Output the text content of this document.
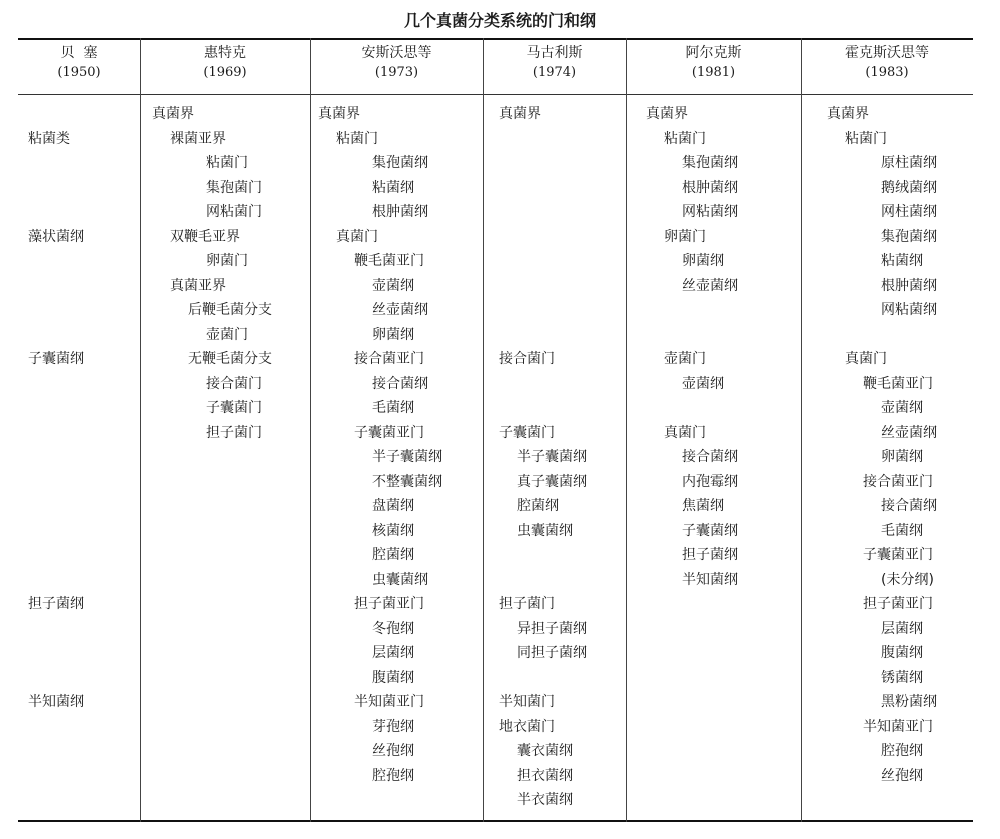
几个真菌分类系统的门和纲
贝  塞
(1950)
粘菌类
藻状菌纲
子囊菌纲
担子菌纲
半知菌纲
惠特克
(1969)
真菌界
裸菌亚界
粘菌门
集孢菌门
网粘菌门
双鞭毛亚界
卵菌门
真菌亚界
后鞭毛菌分支
壶菌门
无鞭毛菌分支
接合菌门
子囊菌门
担子菌门
安斯沃思等
(1973)
真菌界
粘菌门
集孢菌纲
粘菌纲
根肿菌纲
真菌门
鞭毛菌亚门
壶菌纲
丝壶菌纲
卵菌纲
接合菌亚门
接合菌纲
毛菌纲
子囊菌亚门
半子囊菌纲
不整囊菌纲
盘菌纲
核菌纲
腔菌纲
虫囊菌纲
担子菌亚门
冬孢纲
层菌纲
腹菌纲
半知菌亚门
芽孢纲
丝孢纲
腔孢纲
马古利斯
(1974)
真菌界
接合菌门
子囊菌门
半子囊菌纲
真子囊菌纲
腔菌纲
虫囊菌纲
担子菌门
异担子菌纲
同担子菌纲
半知菌门
地衣菌门
囊衣菌纲
担衣菌纲
半衣菌纲
阿尔克斯
(1981)
真菌界
粘菌门
集孢菌纲
根肿菌纲
网粘菌纲
卵菌门
卵菌纲
丝壶菌纲
壶菌门
壶菌纲
真菌门
接合菌纲
内孢霉纲
焦菌纲
子囊菌纲
担子菌纲
半知菌纲
霍克斯沃思等
(1983)
真菌界
粘菌门
原柱菌纲
鹅绒菌纲
网柱菌纲
集孢菌纲
粘菌纲
根肿菌纲
网粘菌纲
真菌门
鞭毛菌亚门
壶菌纲
丝壶菌纲
卵菌纲
接合菌亚门
接合菌纲
毛菌纲
子囊菌亚门
(未分纲)
担子菌亚门
层菌纲
腹菌纲
锈菌纲
黑粉菌纲
半知菌亚门
腔孢纲
丝孢纲
